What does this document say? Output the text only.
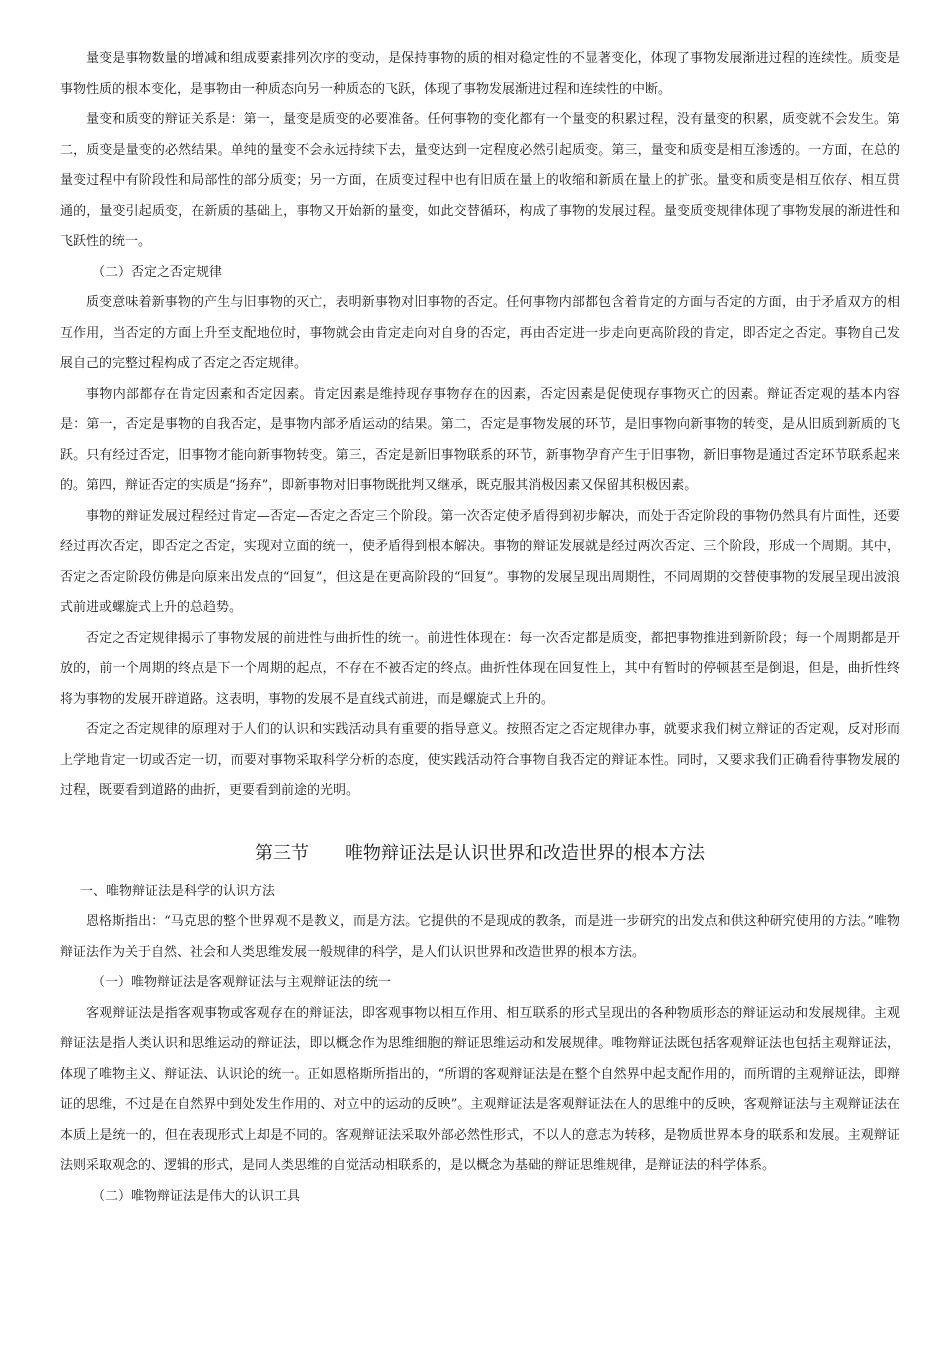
量变是事物数量的增减和组成要素排列次序的变动，是保持事物的质的相对稳定性的不显著变化，体现了事物发展渐进过程的连续性。质变是事物性质的根本变化，是事物由一种质态向另一种质态的飞跃，体现了事物发展渐进过程和连续性的中断。

量变和质变的辩证关系是：第一，量变是质变的必要准备。任何事物的变化都有一个量变的积累过程，没有量变的积累，质变就不会发生。第二，质变是量变的必然结果。单纯的量变不会永远持续下去，量变达到一定程度必然引起质变。第三，量变和质变是相互渗透的。一方面，在总的量变过程中有阶段性和局部性的部分质变；另一方面，在质变过程中也有旧质在量上的收缩和新质在量上的扩张。量变和质变是相互依存、相互贯通的，量变引起质变，在新质的基础上，事物又开始新的量变，如此交替循环，构成了事物的发展过程。量变质变规律体现了事物发展的渐进性和飞跃性的统一。

（二）否定之否定规律

质变意味着新事物的产生与旧事物的灭亡，表明新事物对旧事物的否定。任何事物内部都包含着肯定的方面与否定的方面，由于矛盾双方的相互作用，当否定的方面上升至支配地位时，事物就会由肯定走向对自身的否定，再由否定进一步走向更高阶段的肯定，即否定之否定。事物自己发展自己的完整过程构成了否定之否定规律。

事物内部都存在肯定因素和否定因素。肯定因素是维持现存事物存在的因素，否定因素是促使现存事物灭亡的因素。辩证否定观的基本内容是：第一，否定是事物的自我否定，是事物内部矛盾运动的结果。第二，否定是事物发展的环节，是旧事物向新事物的转变，是从旧质到新质的飞跃。只有经过否定，旧事物才能向新事物转变。第三，否定是新旧事物联系的环节，新事物孕育产生于旧事物，新旧事物是通过否定环节联系起来的。第四，辩证否定的实质是“扬弃”，即新事物对旧事物既批判又继承，既克服其消极因素又保留其积极因素。

事物的辩证发展过程经过肯定—否定—否定之否定三个阶段。第一次否定使矛盾得到初步解决，而处于否定阶段的事物仍然具有片面性，还要经过再次否定，即否定之否定，实现对立面的统一，使矛盾得到根本解决。事物的辩证发展就是经过两次否定、三个阶段，形成一个周期。其中，否定之否定阶段仿佛是向原来出发点的“回复”，但这是在更高阶段的“回复”。事物的发展呈现出周期性，不同周期的交替使事物的发展呈现出波浪式前进或螺旋式上升的总趋势。

否定之否定规律揭示了事物发展的前进性与曲折性的统一。前进性体现在：每一次否定都是质变，都把事物推进到新阶段；每一个周期都是开放的，前一个周期的终点是下一个周期的起点，不存在不被否定的终点。曲折性体现在回复性上，其中有暂时的停顿甚至是倒退，但是，曲折性终将为事物的发展开辟道路。这表明，事物的发展不是直线式前进，而是螺旋式上升的。

否定之否定规律的原理对于人们的认识和实践活动具有重要的指导意义。按照否定之否定规律办事，就要求我们树立辩证的否定观，反对形而上学地肯定一切或否定一切，而要对事物采取科学分析的态度，使实践活动符合事物自我否定的辩证本性。同时，又要求我们正确看待事物发展的过程，既要看到道路的曲折，更要看到前途的光明。

第三节　　唯物辩证法是认识世界和改造世界的根本方法

一、唯物辩证法是科学的认识方法

恩格斯指出：“马克思的整个世界观不是教义，而是方法。它提供的不是现成的教条，而是进一步研究的出发点和供这种研究使用的方法。”唯物辩证法作为关于自然、社会和人类思维发展一般规律的科学，是人们认识世界和改造世界的根本方法。

（一）唯物辩证法是客观辩证法与主观辩证法的统一

客观辩证法是指客观事物或客观存在的辩证法，即客观事物以相互作用、相互联系的形式呈现出的各种物质形态的辩证运动和发展规律。主观辩证法是指人类认识和思维运动的辩证法，即以概念作为思维细胞的辩证思维运动和发展规律。唯物辩证法既包括客观辩证法也包括主观辩证法，体现了唯物主义、辩证法、认识论的统一。正如恩格斯所指出的，“所谓的客观辩证法是在整个自然界中起支配作用的，而所谓的主观辩证法，即辩证的思维，不过是在自然界中到处发生作用的、对立中的运动的反映”。主观辩证法是客观辩证法在人的思维中的反映，客观辩证法与主观辩证法在本质上是统一的，但在表现形式上却是不同的。客观辩证法采取外部必然性形式，不以人的意志为转移，是物质世界本身的联系和发展。主观辩证法则采取观念的、逻辑的形式，是同人类思维的自觉活动相联系的，是以概念为基础的辩证思维规律，是辩证法的科学体系。

（二）唯物辩证法是伟大的认识工具
